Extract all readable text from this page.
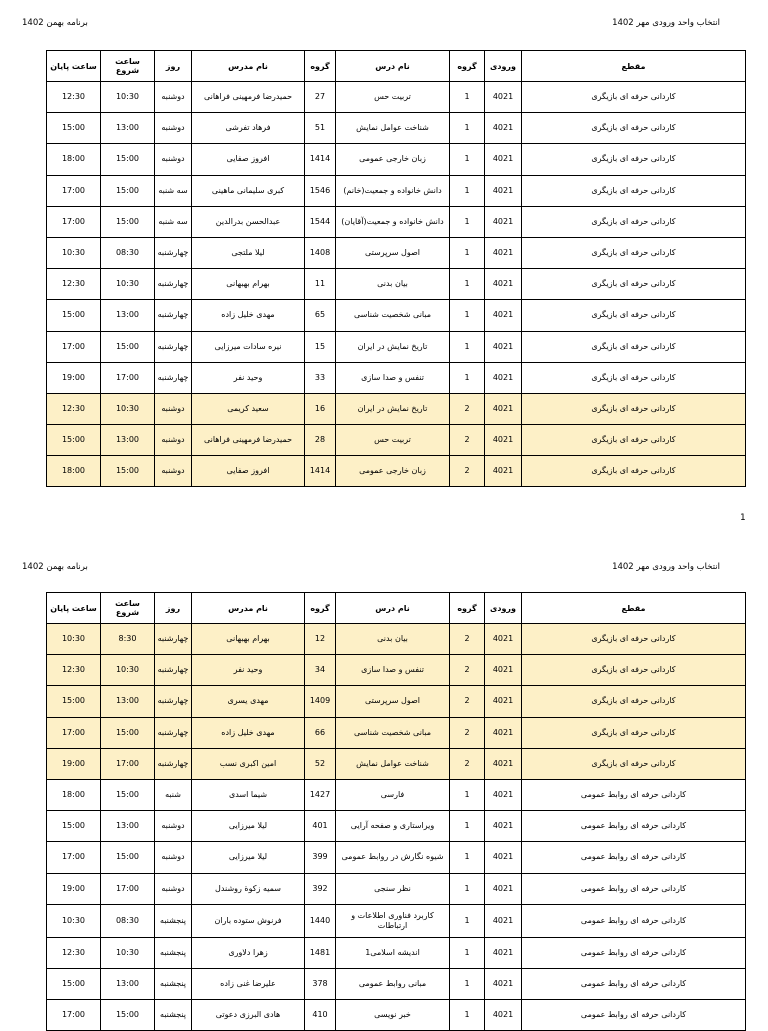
انتخاب واحد ورودی مهر 1402
برنامه بهمن 1402
مقطع	ورودی	گروه	نام درس	گروه	نام مدرس	روز	ساعت شروع	ساعت پایان
کاردانی حرفه ای بازیگری	4021	1	تربیت حس	27	حمیدرضا فرمهینی فراهانی	دوشنبه	10:30	12:30
کاردانی حرفه ای بازیگری	4021	1	شناخت عوامل نمایش	51	فرهاد تفرشی	دوشنبه	13:00	15:00
کاردانی حرفه ای بازیگری	4021	1	زبان خارجی عمومی	1414	افروز صفایی	دوشنبه	15:00	18:00
کاردانی حرفه ای بازیگری	4021	1	دانش خانواده و جمعیت(خانم)	1546	کبری سلیمانی ماهینی	سه شنبه	15:00	17:00
کاردانی حرفه ای بازیگری	4021	1	دانش خانواده و جمعیت(آقایان)	1544	عبدالحسن بدرالدین	سه شنبه	15:00	17:00
کاردانی حرفه ای بازیگری	4021	1	اصول سرپرستی	1408	لیلا ملتجی	چهارشنبه	08:30	10:30
کاردانی حرفه ای بازیگری	4021	1	بیان بدنی	11	بهرام بهبهانی	چهارشنبه	10:30	12:30
کاردانی حرفه ای بازیگری	4021	1	مبانی شخصیت شناسی	65	مهدی خلیل زاده	چهارشنبه	13:00	15:00
کاردانی حرفه ای بازیگری	4021	1	تاریخ نمایش در ایران	15	نیره سادات میرزایی	چهارشنبه	15:00	17:00
کاردانی حرفه ای بازیگری	4021	1	تنفس و صدا سازی	33	وحید نفر	چهارشنبه	17:00	19:00
کاردانی حرفه ای بازیگری	4021	2	تاریخ نمایش در ایران	16	سعید کریمی	دوشنبه	10:30	12:30
کاردانی حرفه ای بازیگری	4021	2	تربیت حس	28	حمیدرضا فرمهینی فراهانی	دوشنبه	13:00	15:00
کاردانی حرفه ای بازیگری	4021	2	زبان خارجی عمومی	1414	افروز صفایی	دوشنبه	15:00	18:00
1
انتخاب واحد ورودی مهر 1402
برنامه بهمن 1402
مقطع	ورودی	گروه	نام درس	گروه	نام مدرس	روز	ساعت شروع	ساعت پایان
کاردانی حرفه ای بازیگری	4021	2	بیان بدنی	12	بهرام بهبهانی	چهارشنبه	8:30	10:30
کاردانی حرفه ای بازیگری	4021	2	تنفس و صدا سازی	34	وحید نفر	چهارشنبه	10:30	12:30
کاردانی حرفه ای بازیگری	4021	2	اصول سرپرستی	1409	مهدی یسری	چهارشنبه	13:00	15:00
کاردانی حرفه ای بازیگری	4021	2	مبانی شخصیت شناسی	66	مهدی خلیل زاده	چهارشنبه	15:00	17:00
کاردانی حرفه ای بازیگری	4021	2	شناخت عوامل نمایش	52	امین اکبری نسب	چهارشنبه	17:00	19:00
کاردانی حرفه ای روابط عمومی	4021	1	فارسی	1427	شیما اسدی	شنبه	15:00	18:00
کاردانی حرفه ای روابط عمومی	4021	1	ویراستاری و صفحه آرایی	401	لیلا میرزایی	دوشنبه	13:00	15:00
کاردانی حرفه ای روابط عمومی	4021	1	شیوه نگارش در روابط عمومی	399	لیلا میرزایی	دوشنبه	15:00	17:00
کاردانی حرفه ای روابط عمومی	4021	1	نظر سنجی	392	سمیه زکوة روشندل	دوشنبه	17:00	19:00
کاردانی حرفه ای روابط عمومی	4021	1	کاربرد فناوری اطلاعات و ارتباطات	1440	فرنوش ستوده باران	پنجشنبه	08:30	10:30
کاردانی حرفه ای روابط عمومی	4021	1	اندیشه اسلامی1	1481	زهرا دلاوری	پنجشنبه	10:30	12:30
کاردانی حرفه ای روابط عمومی	4021	1	مبانی روابط عمومی	378	علیرضا غنی زاده	پنجشنبه	13:00	15:00
کاردانی حرفه ای روابط عمومی	4021	1	خبر نویسی	410	هادی البرزی دعوتی	پنجشنبه	15:00	17:00
